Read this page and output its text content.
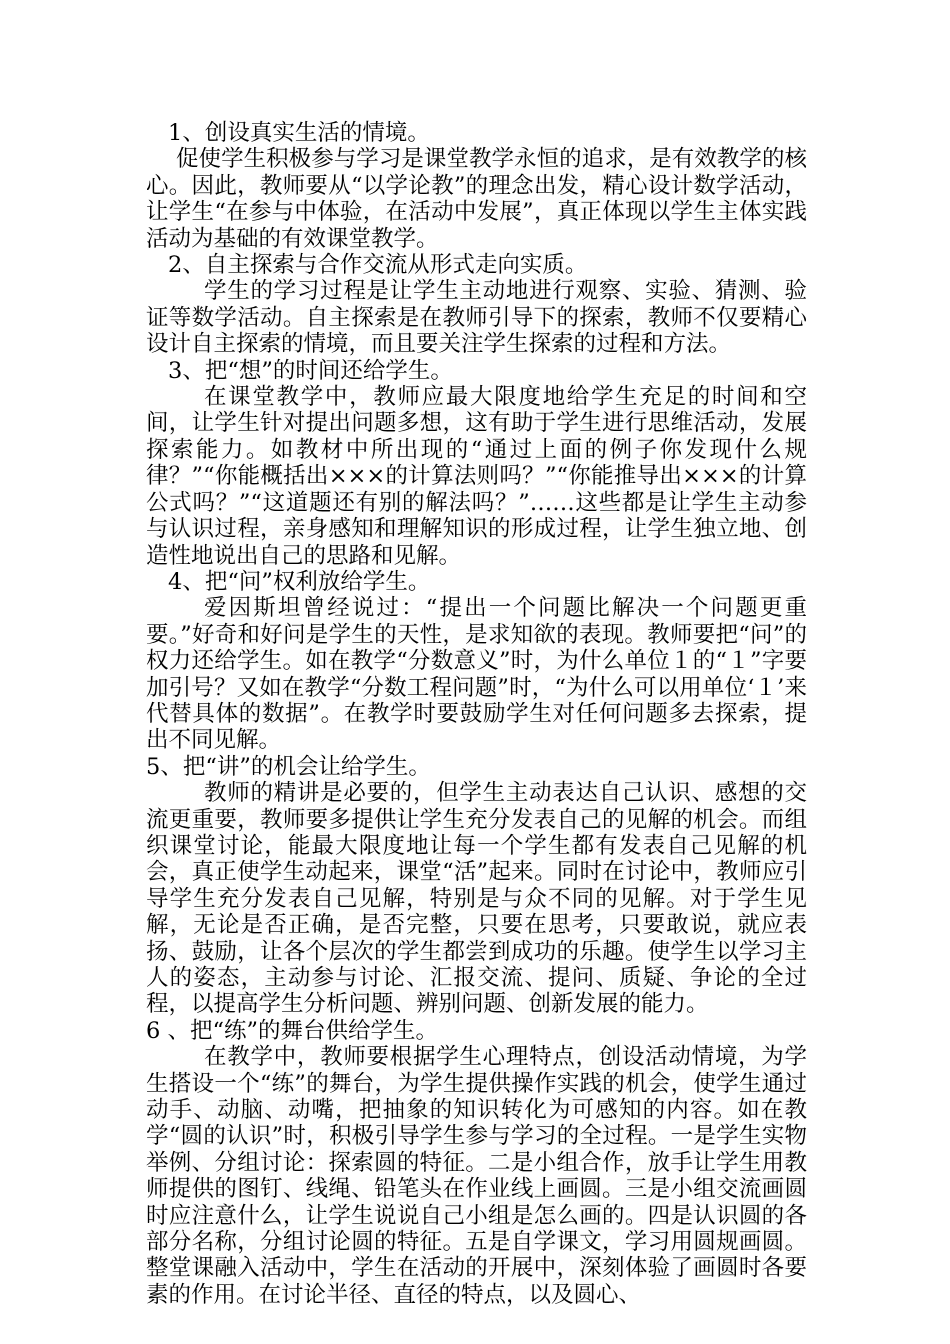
1、创设真实生活的情境。

促使学生积极参与学习是课堂教学永恒的追求，是有效教学的核心。因此，教师要从“以学论教”的理念出发，精心设计数学活动，让学生“在参与中体验，在活动中发展”，真正体现以学生主体实践活动为基础的有效课堂教学。

2、自主探索与合作交流从形式走向实质。

学生的学习过程是让学生主动地进行观察、实验、猜测、验证等数学活动。自主探索是在教师引导下的探索，教师不仅要精心设计自主探索的情境，而且要关注学生探索的过程和方法。

3、把“想”的时间还给学生。

在课堂教学中，教师应最大限度地给学生充足的时间和空间，让学生针对提出问题多想，这有助于学生进行思维活动，发展探索能力。如教材中所出现的“通过上面的例子你发现什么规律？”“你能概括出×××的计算法则吗？”“你能推导出×××的计算公式吗？”“这道题还有别的解法吗？”……这些都是让学生主动参与认识过程，亲身感知和理解知识的形成过程，让学生独立地、创造性地说出自己的思路和见解。

4、把“问”权利放给学生。

爱因斯坦曾经说过：“提出一个问题比解决一个问题更重要。”好奇和好问是学生的天性，是求知欲的表现。教师要把“问”的权力还给学生。如在教学“分数意义”时，为什么单位１的“１”字要加引号？又如在教学“分数工程问题”时，“为什么可以用单位‘１’来代替具体的数据”。在教学时要鼓励学生对任何问题多去探索，提出不同见解。

5、把“讲”的机会让给学生。

教师的精讲是必要的，但学生主动表达自己认识、感想的交流更重要，教师要多提供让学生充分发表自己的见解的机会。而组织课堂讨论，能最大限度地让每一个学生都有发表自己见解的机会，真正使学生动起来，课堂“活”起来。同时在讨论中，教师应引导学生充分发表自己见解，特别是与众不同的见解。对于学生见解，无论是否正确，是否完整，只要在思考，只要敢说，就应表扬、鼓励，让各个层次的学生都尝到成功的乐趣。使学生以学习主人的姿态，主动参与讨论、汇报交流、提问、质疑、争论的全过程，以提高学生分析问题、辨别问题、创新发展的能力。

6 、把“练”的舞台供给学生。

在教学中，教师要根据学生心理特点，创设活动情境，为学生搭设一个“练”的舞台，为学生提供操作实践的机会，使学生通过动手、动脑、动嘴，把抽象的知识转化为可感知的内容。如在教学“圆的认识”时，积极引导学生参与学习的全过程。一是学生实物举例、分组讨论：探索圆的特征。二是小组合作，放手让学生用教师提供的图钉、线绳、铅笔头在作业线上画圆。三是小组交流画圆时应注意什么，让学生说说自己小组是怎么画的。四是认识圆的各部分名称，分组讨论圆的特征。五是自学课文，学习用圆规画圆。整堂课融入活动中，学生在活动的开展中，深刻体验了画圆时各要素的作用。在讨论半径、直径的特点，以及圆心、
